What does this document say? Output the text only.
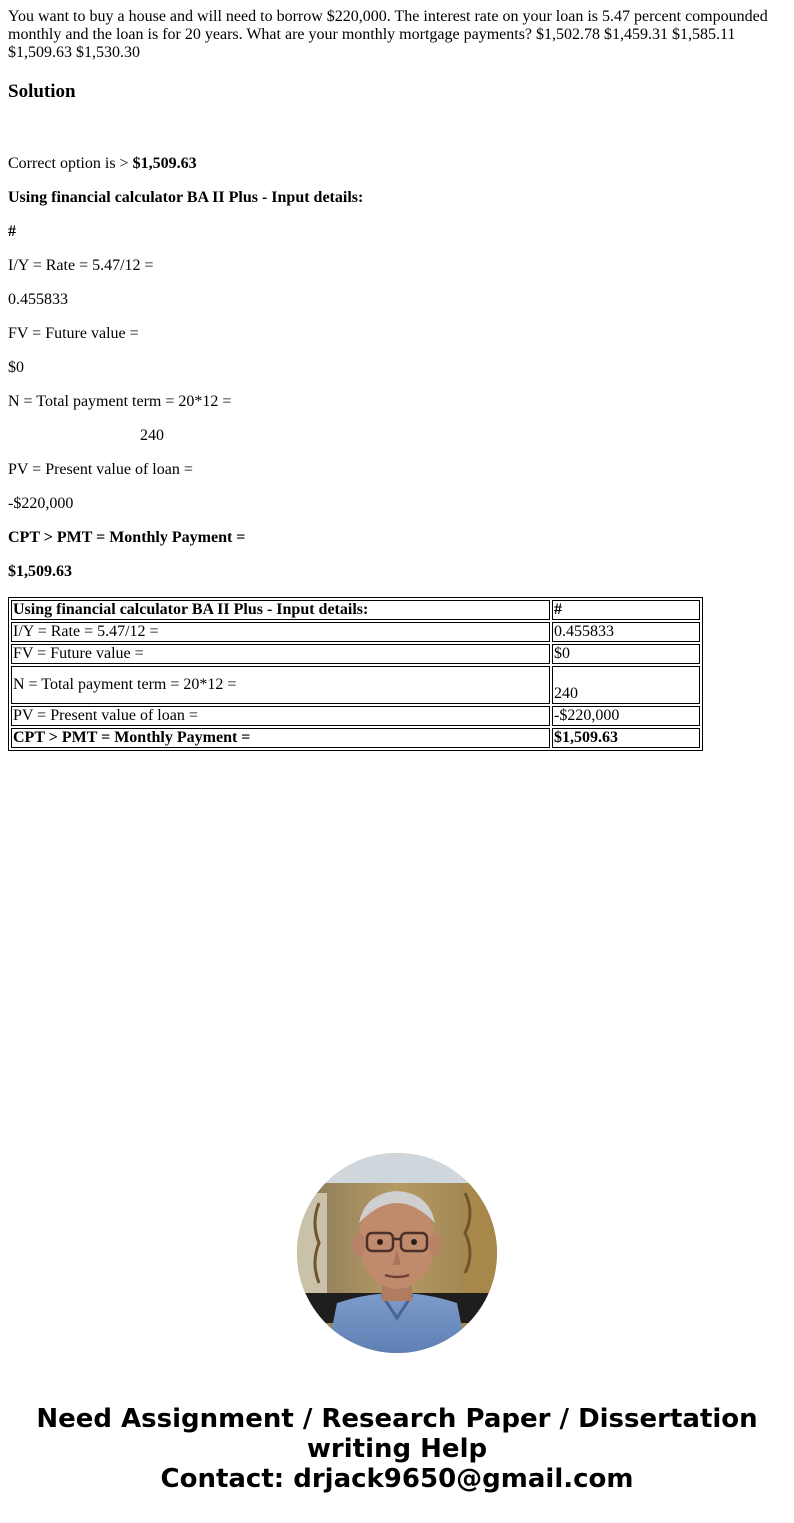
You want to buy a house and will need to borrow $220,000. The interest rate on your loan is 5.47 percent compounded monthly and the loan is for 20 years. What are your monthly mortgage payments? $1,502.78 $1,459.31 $1,585.11 $1,509.63 $1,530.30

Solution

Correct option is > $1,509.63

Using financial calculator BA II Plus - Input details:

#

I/Y = Rate = 5.47/12 =

0.455833

FV = Future value =

$0

N = Total payment term = 20*12 =

240

PV = Present value of loan =

-$220,000

CPT > PMT = Monthly Payment =

$1,509.63

Using financial calculator BA II Plus - Input details:	#
I/Y = Rate = 5.47/12 =	0.455833
FV = Future value =	$0
N = Total payment term = 20*12 =	240
PV = Present value of loan =	-$220,000
CPT > PMT = Monthly Payment =	$1,509.63
Need Assignment / Research Paper / Dissertation
writing Help
Contact: drjack9650@gmail.com
